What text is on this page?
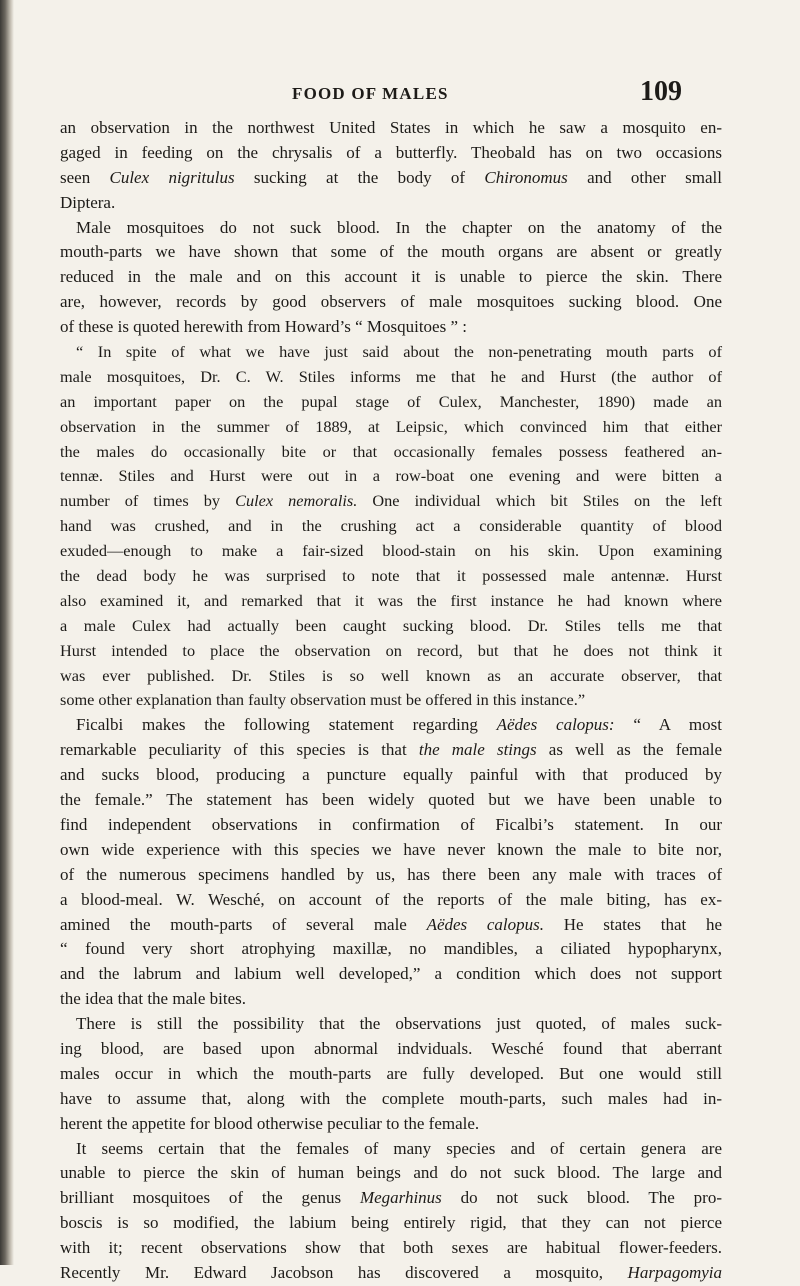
FOOD OF MALES	109
an observation in the northwest United States in which he saw a mosquito en-
gaged in feeding on the chrysalis of a butterfly. Theobald has on two occasions
seen Culex nigritulus sucking at the body of Chironomus and other small
Diptera.
Male mosquitoes do not suck blood. In the chapter on the anatomy of the
mouth-parts we have shown that some of the mouth organs are absent or greatly
reduced in the male and on this account it is unable to pierce the skin. There
are, however, records by good observers of male mosquitoes sucking blood. One
of these is quoted herewith from Howard’s “ Mosquitoes ” :
“ In spite of what we have just said about the non-penetrating mouth parts of
male mosquitoes, Dr. C. W. Stiles informs me that he and Hurst (the author of
an important paper on the pupal stage of Culex, Manchester, 1890) made an
observation in the summer of 1889, at Leipsic, which convinced him that either
the males do occasionally bite or that occasionally females possess feathered an-
tennæ. Stiles and Hurst were out in a row-boat one evening and were bitten a
number of times by Culex nemoralis. One individual which bit Stiles on the left
hand was crushed, and in the crushing act a considerable quantity of blood
exuded—enough to make a fair-sized blood-stain on his skin. Upon examining
the dead body he was surprised to note that it possessed male antennæ. Hurst
also examined it, and remarked that it was the first instance he had known where
a male Culex had actually been caught sucking blood. Dr. Stiles tells me that
Hurst intended to place the observation on record, but that he does not think it
was ever published. Dr. Stiles is so well known as an accurate observer, that
some other explanation than faulty observation must be offered in this instance.”
Ficalbi makes the following statement regarding Aëdes calopus: “ A most
remarkable peculiarity of this species is that the male stings as well as the female
and sucks blood, producing a puncture equally painful with that produced by
the female.” The statement has been widely quoted but we have been unable to
find independent observations in confirmation of Ficalbi’s statement. In our
own wide experience with this species we have never known the male to bite nor,
of the numerous specimens handled by us, has there been any male with traces of
a blood-meal. W. Wesché, on account of the reports of the male biting, has ex-
amined the mouth-parts of several male Aëdes calopus. He states that he
“ found very short atrophying maxillæ, no mandibles, a ciliated hypopharynx,
and the labrum and labium well developed,” a condition which does not support
the idea that the male bites.
There is still the possibility that the observations just quoted, of males suck-
ing blood, are based upon abnormal indviduals. Wesché found that aberrant
males occur in which the mouth-parts are fully developed. But one would still
have to assume that, along with the complete mouth-parts, such males had in-
herent the appetite for blood otherwise peculiar to the female.
It seems certain that the females of many species and of certain genera are
unable to pierce the skin of human beings and do not suck blood. The large and
brilliant mosquitoes of the genus Megarhinus do not suck blood. The pro-
boscis is so modified, the labium being entirely rigid, that they can not pierce
with it; recent observations show that both sexes are habitual flower-feeders.
Recently Mr. Edward Jacobson has discovered a mosquito, Harpagomyia
